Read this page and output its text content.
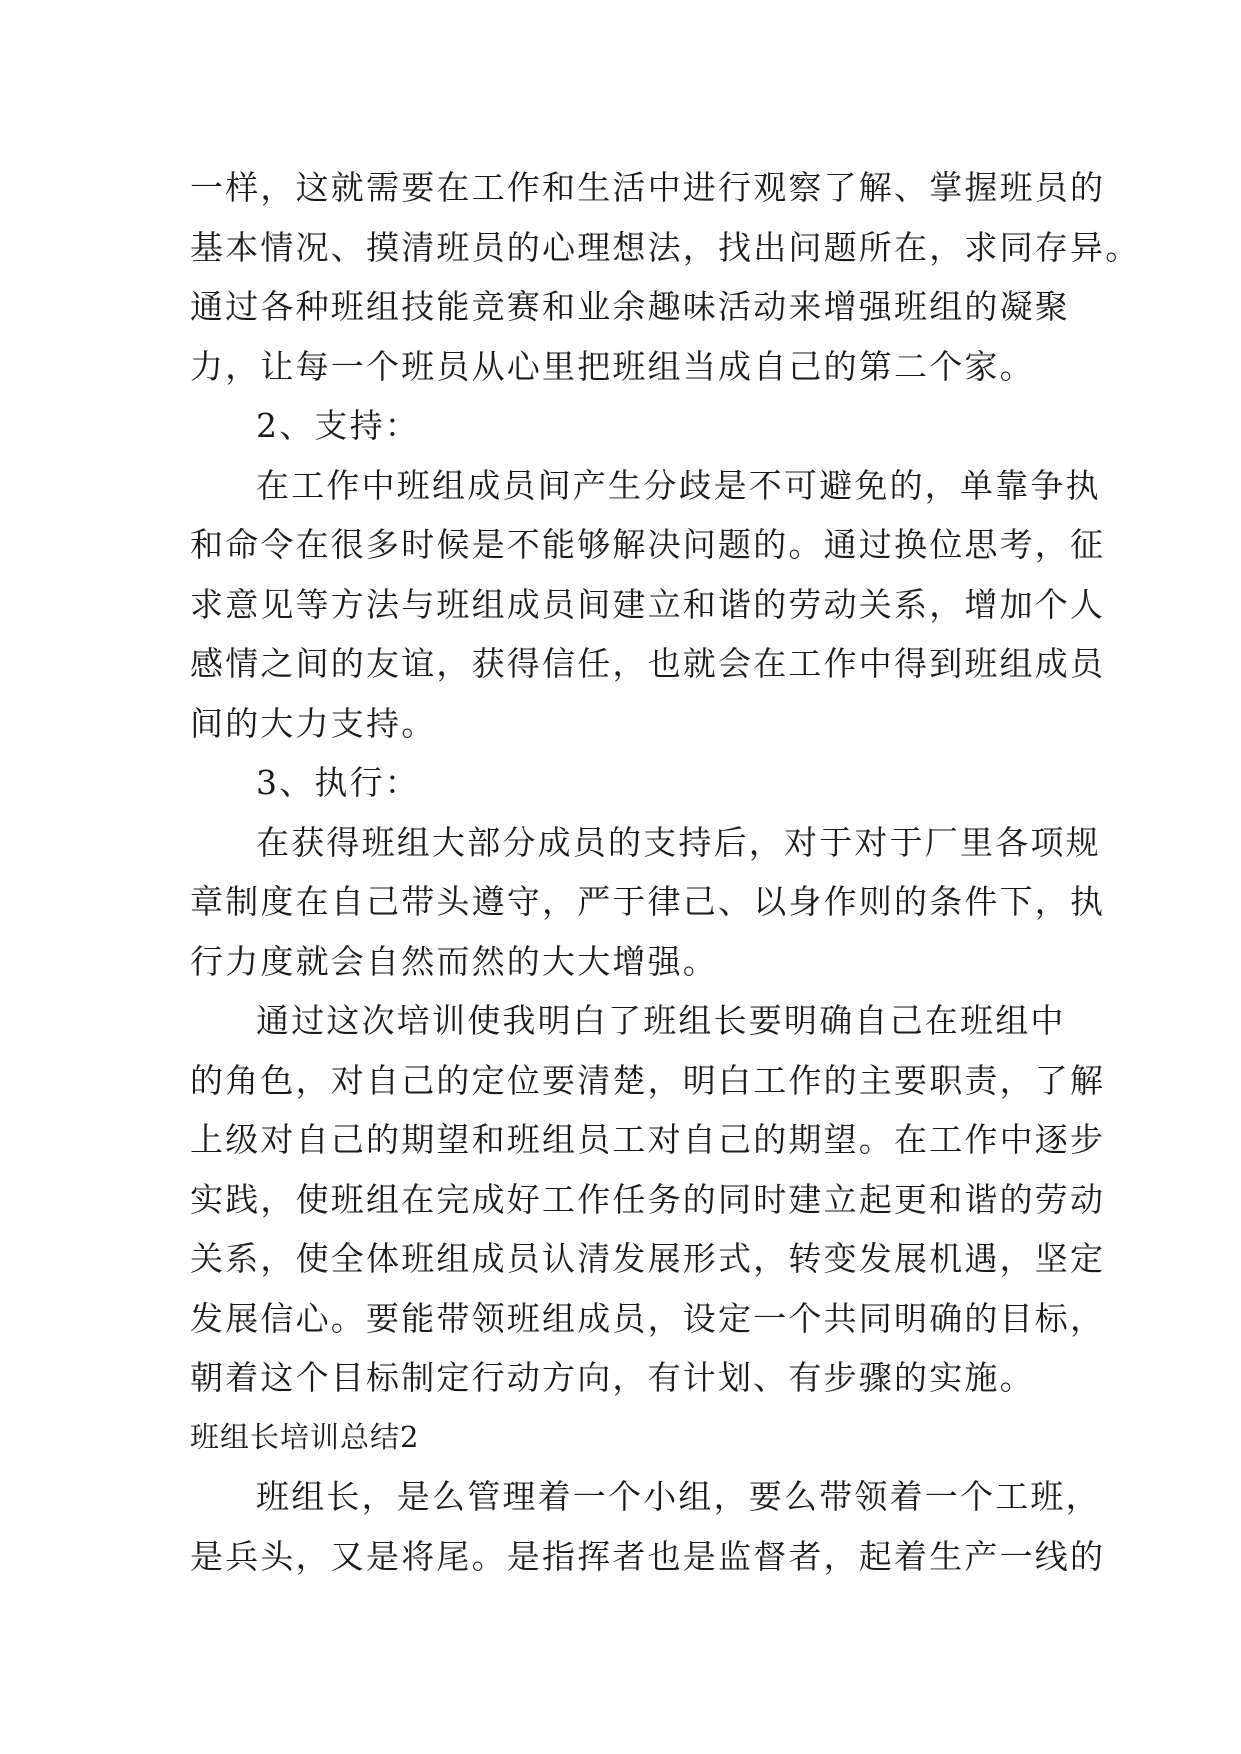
一样，这就需要在工作和生活中进行观察了解、掌握班员的
基本情况、摸清班员的心理想法，找出问题所在，求同存异。
通过各种班组技能竞赛和业余趣味活动来增强班组的凝聚
力，让每一个班员从心里把班组当成自己的第二个家。
2、支持：
在工作中班组成员间产生分歧是不可避免的，单靠争执
和命令在很多时候是不能够解决问题的。通过换位思考，征
求意见等方法与班组成员间建立和谐的劳动关系，增加个人
感情之间的友谊，获得信任，也就会在工作中得到班组成员
间的大力支持。
3、执行：
在获得班组大部分成员的支持后，对于对于厂里各项规
章制度在自己带头遵守，严于律己、以身作则的条件下，执
行力度就会自然而然的大大增强。
通过这次培训使我明白了班组长要明确自己在班组中
的角色，对自己的定位要清楚，明白工作的主要职责，了解
上级对自己的期望和班组员工对自己的期望。在工作中逐步
实践，使班组在完成好工作任务的同时建立起更和谐的劳动
关系，使全体班组成员认清发展形式，转变发展机遇，坚定
发展信心。要能带领班组成员，设定一个共同明确的目标，
朝着这个目标制定行动方向，有计划、有步骤的实施。
班组长培训总结2
班组长，是么管理着一个小组，要么带领着一个工班，
是兵头，又是将尾。是指挥者也是监督者，起着生产一线的
